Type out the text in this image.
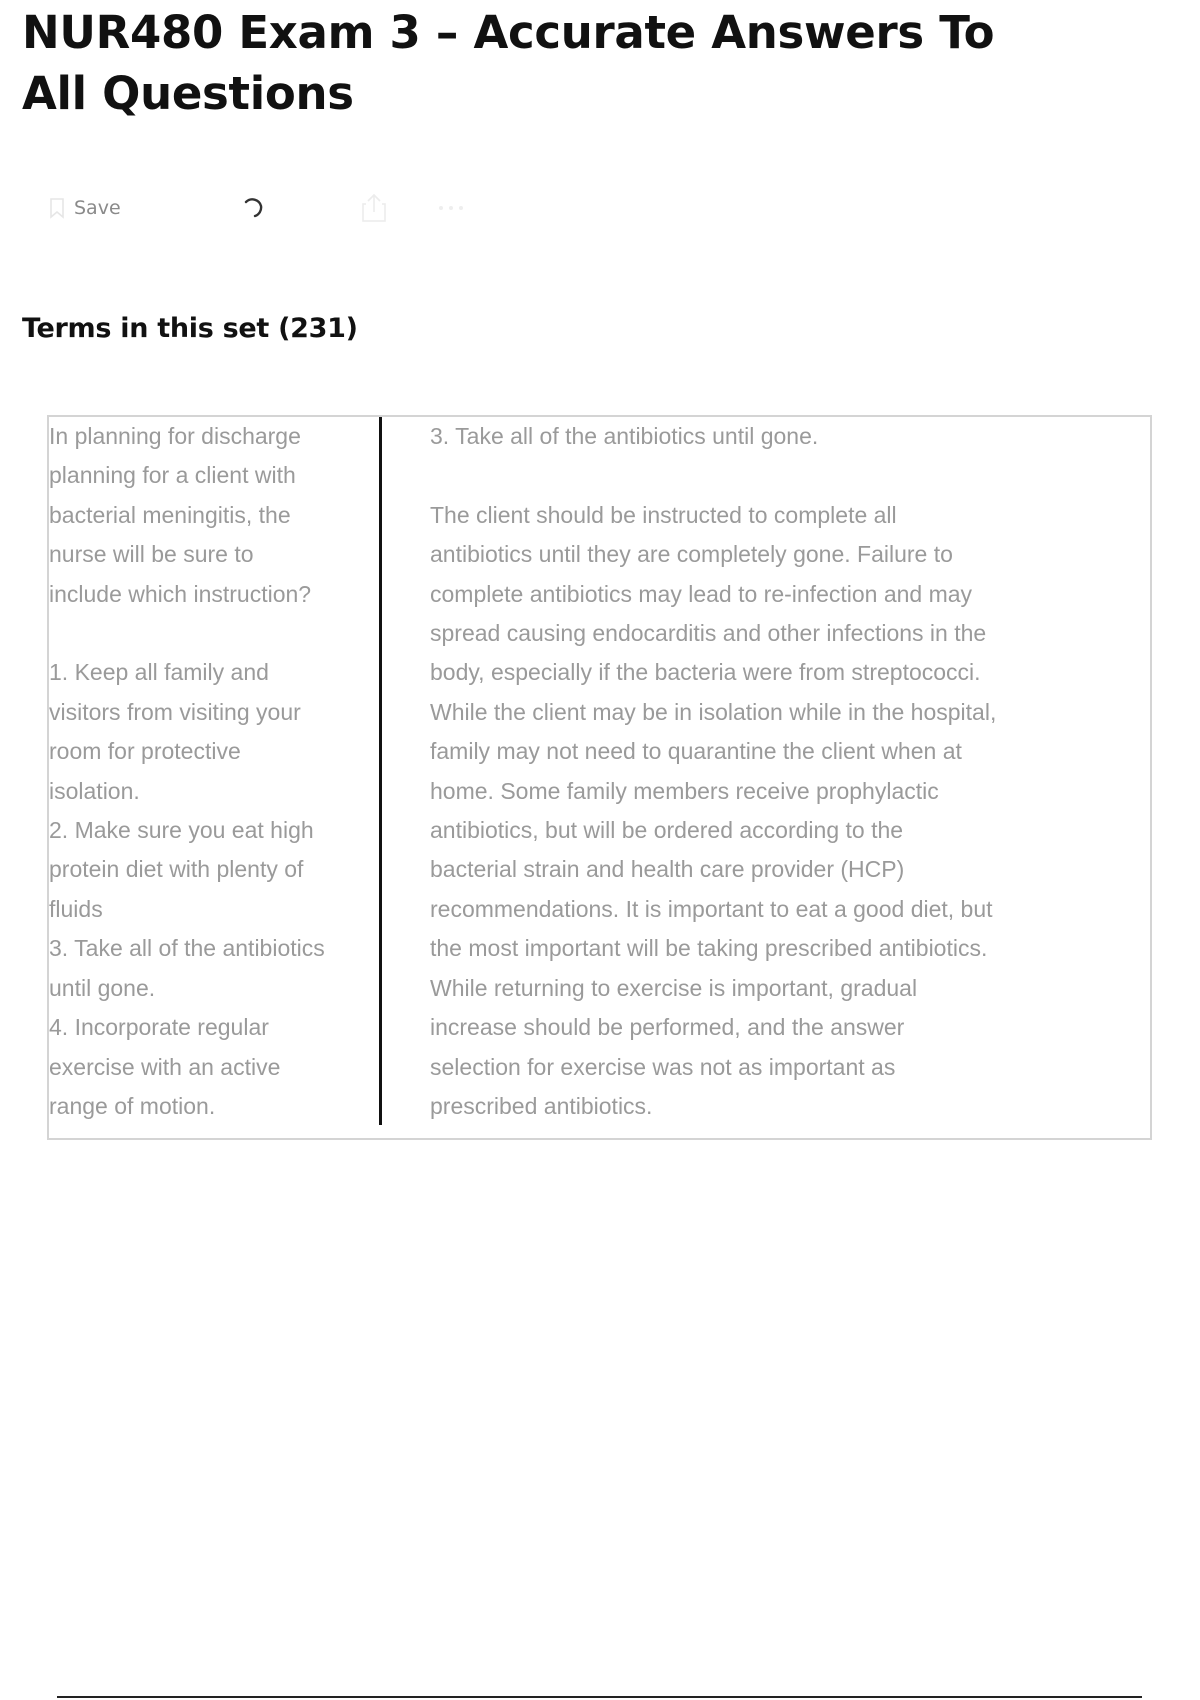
NUR480 Exam 3 – Accurate Answers To All Questions
Save
Terms in this set (231)

In planning for discharge
planning for a client with
bacterial meningitis, the
nurse will be sure to
include which instruction?

1. Keep all family and
visitors from visiting your
room for protective
isolation.
2. Make sure you eat high
protein diet with plenty of
fluids
3. Take all of the antibiotics
until gone.
4. Incorporate regular
exercise with an active
range of motion.

3. Take all of the antibiotics until gone.

The client should be instructed to complete all
antibiotics until they are completely gone. Failure to
complete antibiotics may lead to re-infection and may
spread causing endocarditis and other infections in the
body, especially if the bacteria were from streptococci.
While the client may be in isolation while in the hospital,
family may not need to quarantine the client when at
home. Some family members receive prophylactic
antibiotics, but will be ordered according to the
bacterial strain and health care provider (HCP)
recommendations. It is important to eat a good diet, but
the most important will be taking prescribed antibiotics.
While returning to exercise is important, gradual
increase should be performed, and the answer
selection for exercise was not as important as
prescribed antibiotics.
